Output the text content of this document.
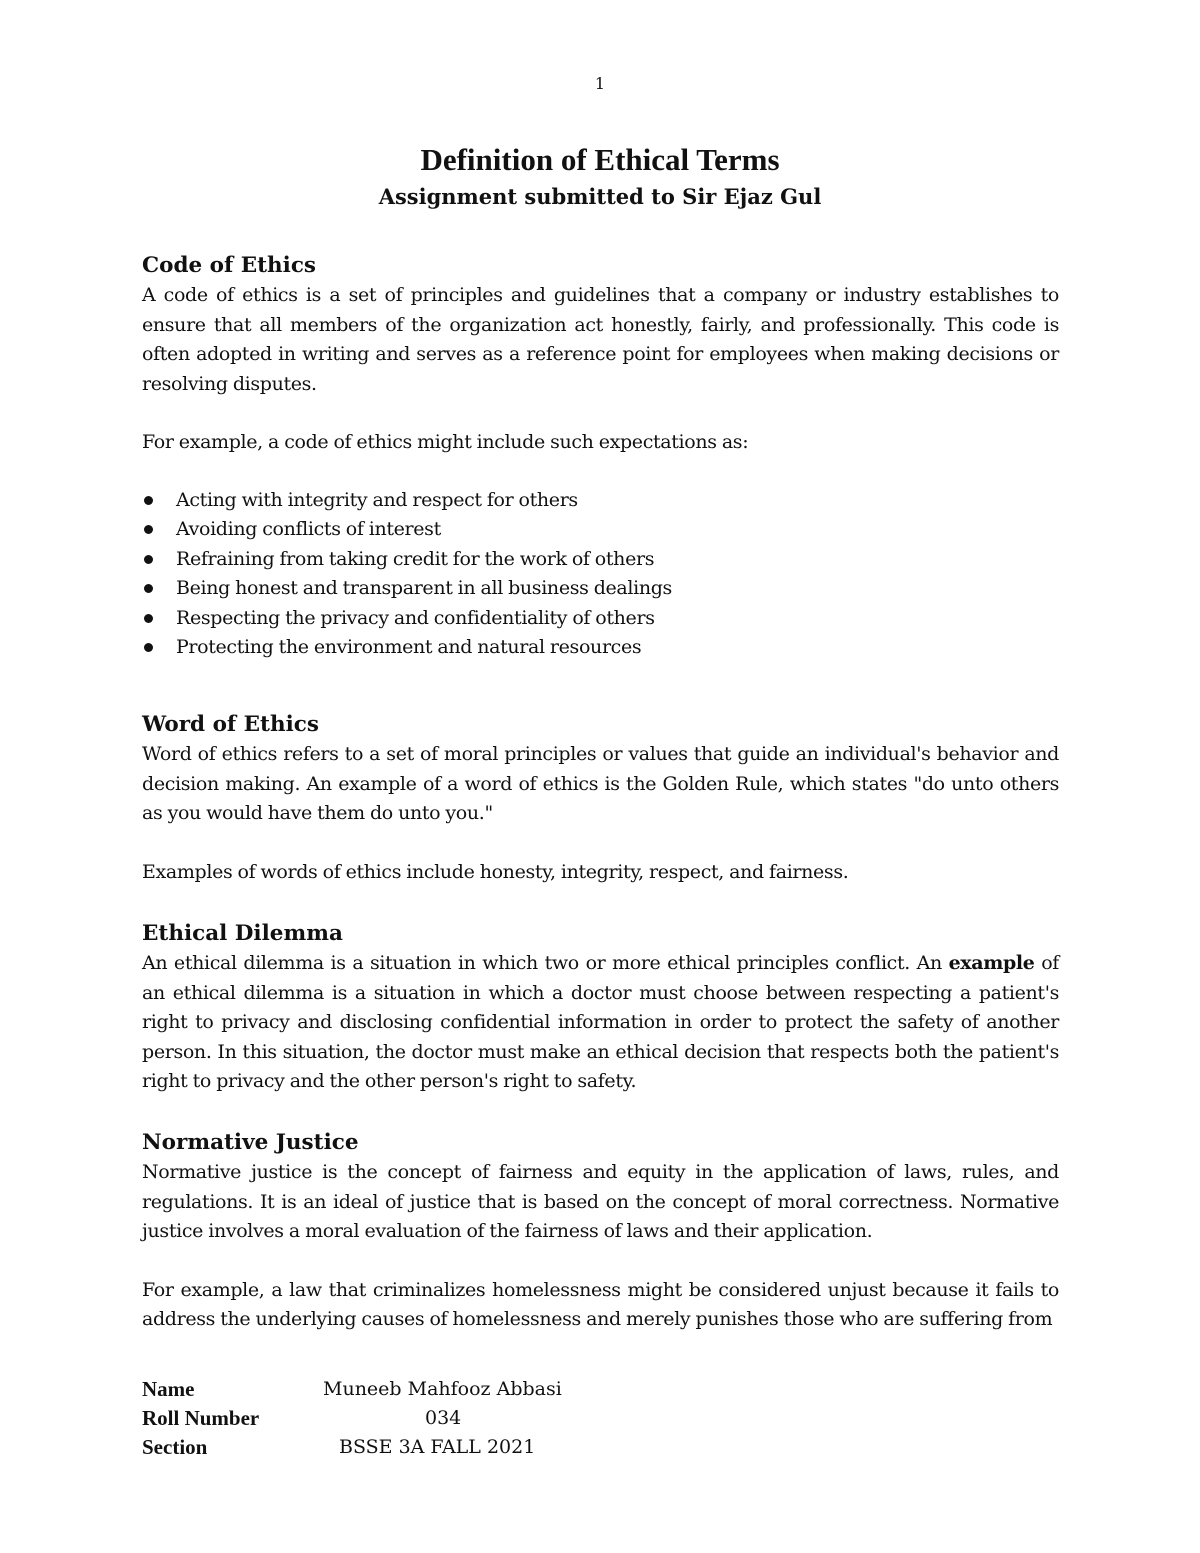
1
Definition of Ethical Terms
Assignment submitted to Sir Ejaz Gul
Code of Ethics

A code of ethics is a set of principles and guidelines that a company or industry establishes to ensure that all members of the organization act honestly, fairly, and professionally. This code is often adopted in writing and serves as a reference point for employees when making decisions or resolving disputes.

For example, a code of ethics might include such expectations as:

Acting with integrity and respect for others
Avoiding conflicts of interest
Refraining from taking credit for the work of others
Being honest and transparent in all business dealings
Respecting the privacy and confidentiality of others
Protecting the environment and natural resources
Word of Ethics

Word of ethics refers to a set of moral principles or values that guide an individual's behavior and decision making. An example of a word of ethics is the Golden Rule, which states "do unto others as you would have them do unto you."

Examples of words of ethics include honesty, integrity, respect, and fairness.

Ethical Dilemma

An ethical dilemma is a situation in which two or more ethical principles conflict. An example of an ethical dilemma is a situation in which a doctor must choose between respecting a patient's right to privacy and disclosing confidential information in order to protect the safety of another person. In this situation, the doctor must make an ethical decision that respects both the patient's right to privacy and the other person's right to safety.

Normative Justice

Normative justice is the concept of fairness and equity in the application of laws, rules, and regulations. It is an ideal of justice that is based on the concept of moral correctness. Normative justice involves a moral evaluation of the fairness of laws and their application.

For example, a law that criminalizes homelessness might be considered unjust because it fails to address the underlying causes of homelessness and merely punishes those who are suffering from

Name	Muneeb Mahfooz Abbasi
Roll Number	034
Section	BSSE 3A FALL 2021
